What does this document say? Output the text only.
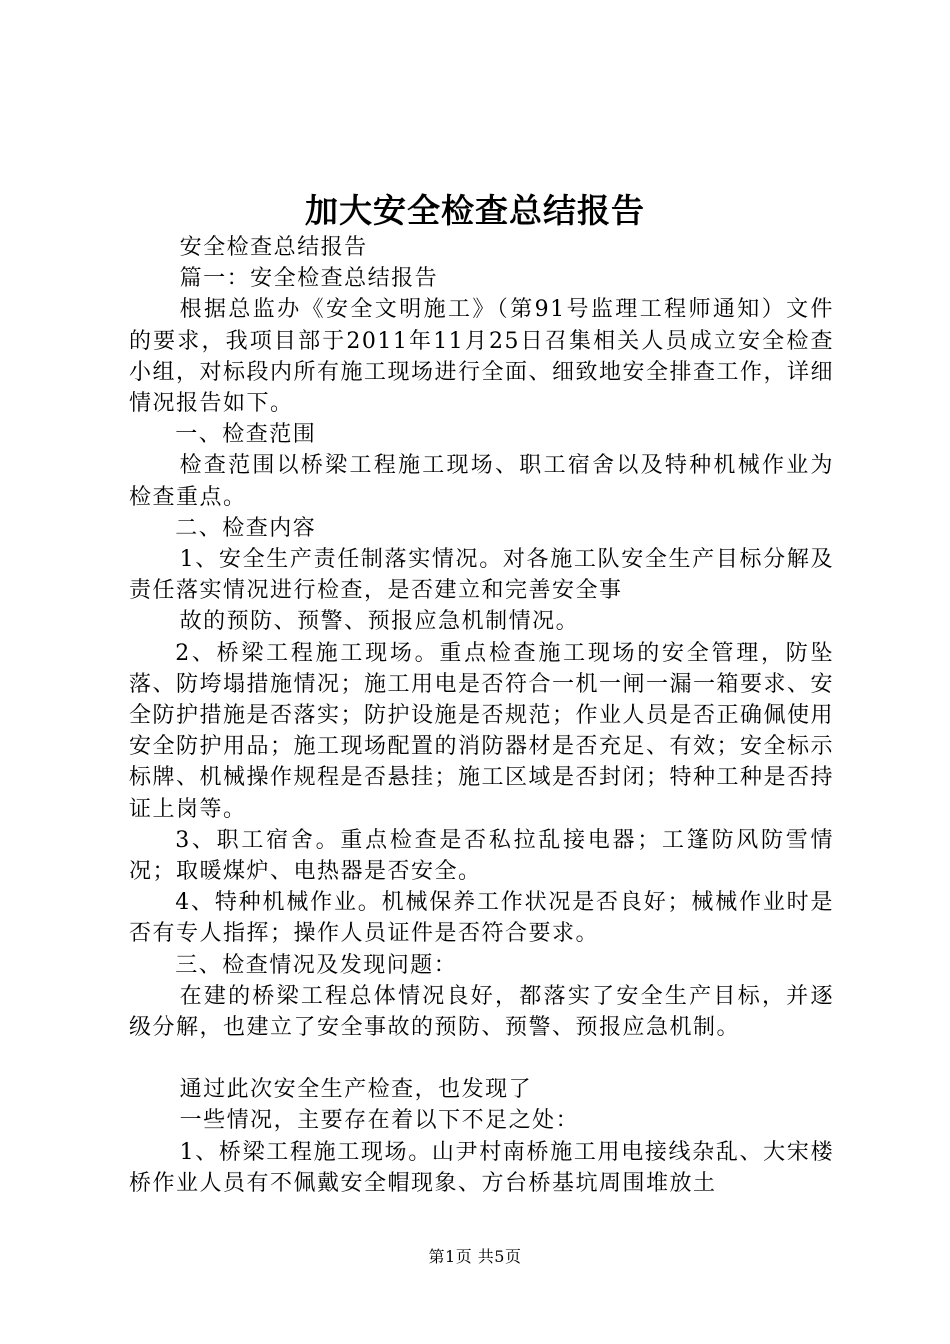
加大安全检查总结报告

安全检查总结报告

篇一：安全检查总结报告

根据总监办《安全文明施工》（第91号监理工程师通知）文件的要求，我项目部于2011年11月25日召集相关人员成立安全检查小组，对标段内所有施工现场进行全面、细致地安全排查工作，详细情况报告如下。

一、检查范围

检查范围以桥梁工程施工现场、职工宿舍以及特种机械作业为检查重点。

二、检查内容

1、安全生产责任制落实情况。对各施工队安全生产目标分解及责任落实情况进行检查，是否建立和完善安全事

故的预防、预警、预报应急机制情况。

2、桥梁工程施工现场。重点检查施工现场的安全管理，防坠落、防垮塌措施情况；施工用电是否符合一机一闸一漏一箱要求、安全防护措施是否落实；防护设施是否规范；作业人员是否正确佩使用安全防护用品；施工现场配置的消防器材是否充足、有效；安全标示标牌、机械操作规程是否悬挂；施工区域是否封闭；特种工种是否持证上岗等。

3、职工宿舍。重点检查是否私拉乱接电器；工篷防风防雪情况；取暖煤炉、电热器是否安全。

4、特种机械作业。机械保养工作状况是否良好；械械作业时是否有专人指挥；操作人员证件是否符合要求。

三、检查情况及发现问题：

在建的桥梁工程总体情况良好，都落实了安全生产目标，并逐级分解，也建立了安全事故的预防、预警、预报应急机制。

通过此次安全生产检查，也发现了

一些情况，主要存在着以下不足之处：

1、桥梁工程施工现场。山尹村南桥施工用电接线杂乱、大宋楼桥作业人员有不佩戴安全帽现象、方台桥基坑周围堆放土

第1页 共5页
